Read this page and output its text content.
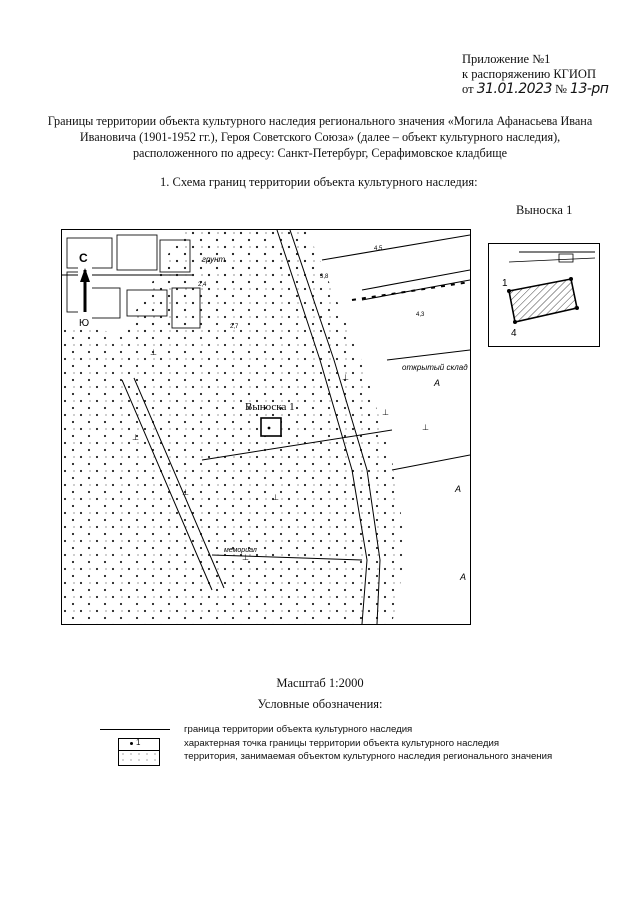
Приложение №1
к распоряжению КГИОП
от 31.01.2023 № 13-рп
Границы территории объекта культурного наследия регионального значения «Могила Афанасьева Ивана Ивановича (1901-1952 гг.), Героя Советского Союза» (далее – объект культурного наследия), расположенного по адресу: Санкт-Петербург, Серафимовское кладбище
1. Схема границ территории объекта культурного наследия:
Выноска 1
⊥
⊥
⊥
⊥
⊥
⊥
⊥
⊥
Выноска 1
С
Ю
грунт
открытый склад
мемориал
А
А
А
2,4
2,7
3,8
4,5
4,3
1
4
Масштаб 1:2000
Условные обозначения:
граница территории объекта культурного наследия
1	характерная точка границы территории объекта культурного наследия
территория, занимаемая объектом культурного наследия регионального значения
